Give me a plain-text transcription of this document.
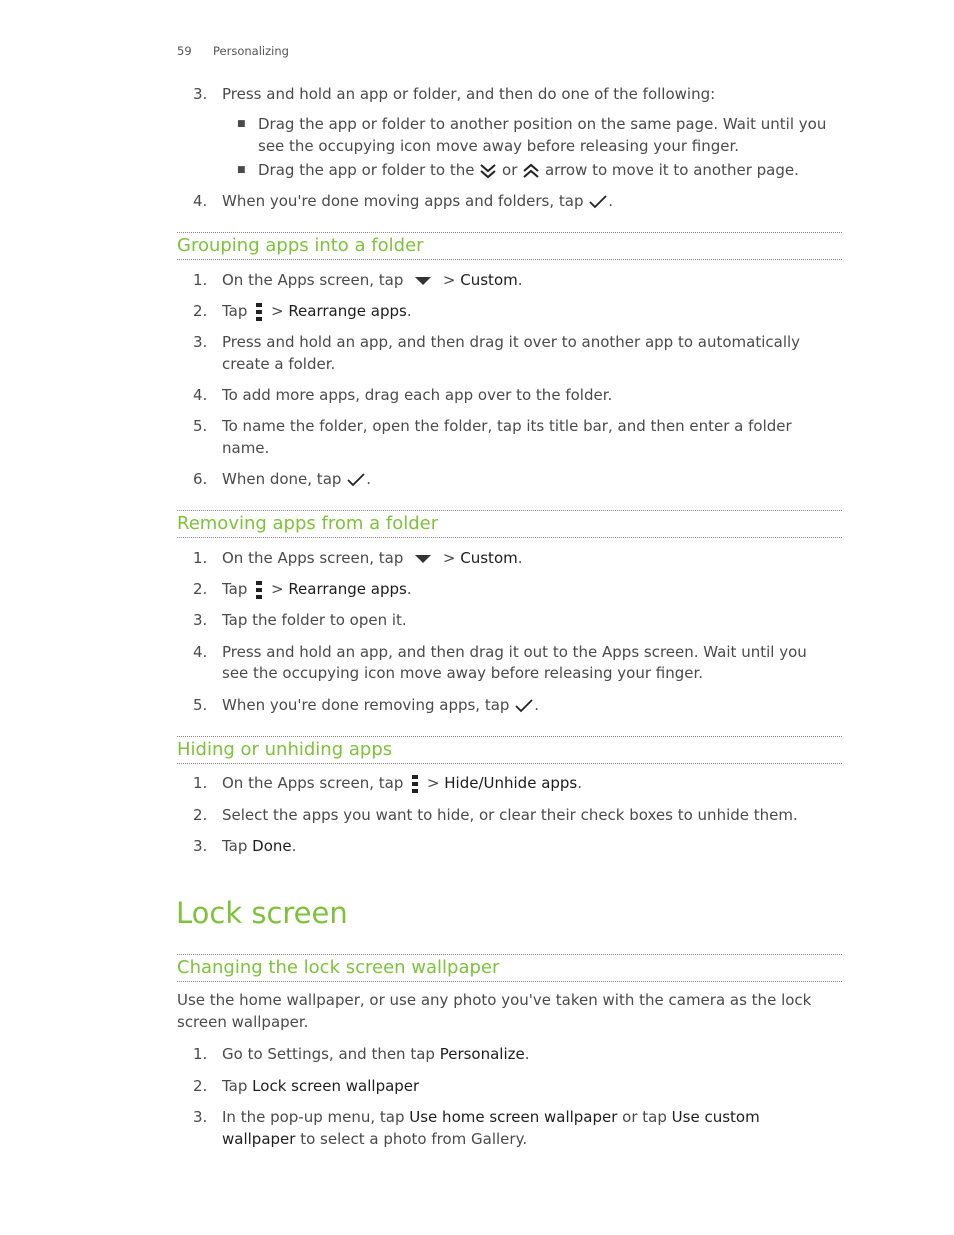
59 Personalizing
3. Press and hold an app or folder, and then do one of the following:
■ Drag the app or folder to another position on the same page. Wait until you
see the occupying icon move away before releasing your finger.
■ Drag the app or folder to the or arrow to move it to another page.
4. When you're done moving apps and folders, tap .
Grouping apps into a folder
1. On the Apps screen, tap	> Custom.
2. Tap > Rearrange apps.
3. Press and hold an app, and then drag it over to another app to automatically
create a folder.
4. To add more apps, drag each app over to the folder.
5. To name the folder, open the folder, tap its title bar, and then enter a folder
name.
6. When done, tap .
Removing apps from a folder
1. On the Apps screen, tap	> Custom.
2. Tap > Rearrange apps.
3. Tap the folder to open it.
4. Press and hold an app, and then drag it out to the Apps screen. Wait until you
see the occupying icon move away before releasing your finger.
5. When you're done removing apps, tap .
Hiding or unhiding apps
1. On the Apps screen, tap > Hide/Unhide apps.
2. Select the apps you want to hide, or clear their check boxes to unhide them.
3. Tap Done.
Lock screen
Changing the lock screen wallpaper
Use the home wallpaper, or use any photo you've taken with the camera as the lock
screen wallpaper.
1. Go to Settings, and then tap Personalize.
2. Tap Lock screen wallpaper
3. In the pop-up menu, tap Use home screen wallpaper or tap Use custom
wallpaper to select a photo from Gallery.
